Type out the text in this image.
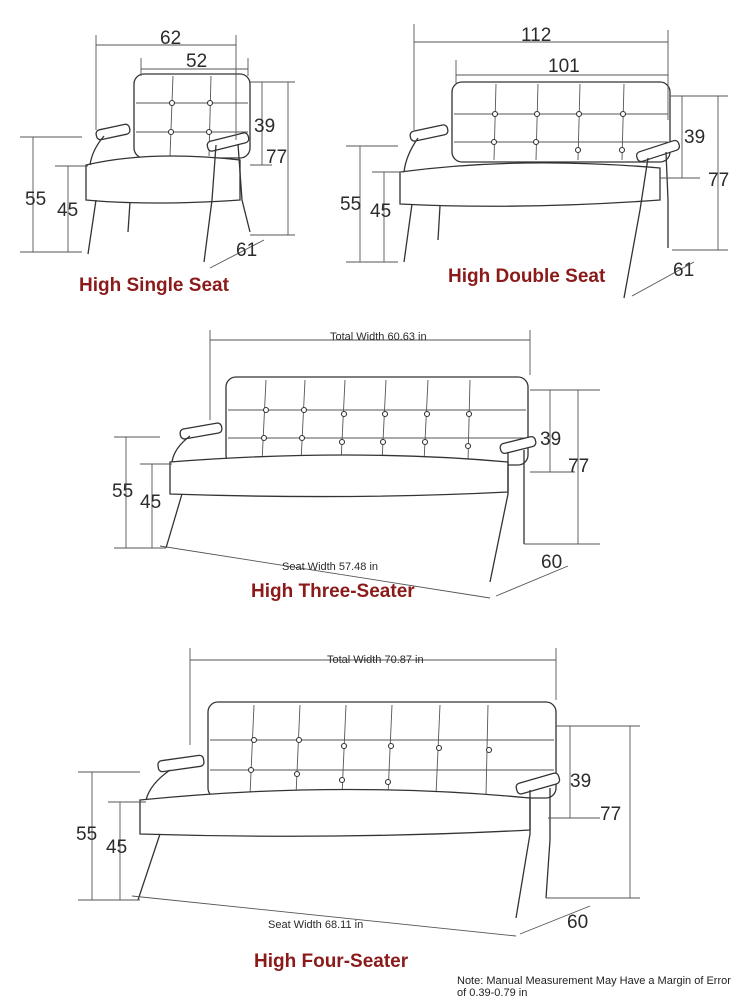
62
52
39
77
55
45
61
High Single Seat
112
101
39
77
55 45
61
High Double Seat
Total Width 60.63 in
Seat Width 57.48 in
39
77
55
45
60
High Three-Seater
Total Width 70.87 in
Seat Width 68.11 in
39
77
55
45
60
High Four-Seater
Note: Manual Measurement May Have a Margin of Error of 0.39-0.79 in
